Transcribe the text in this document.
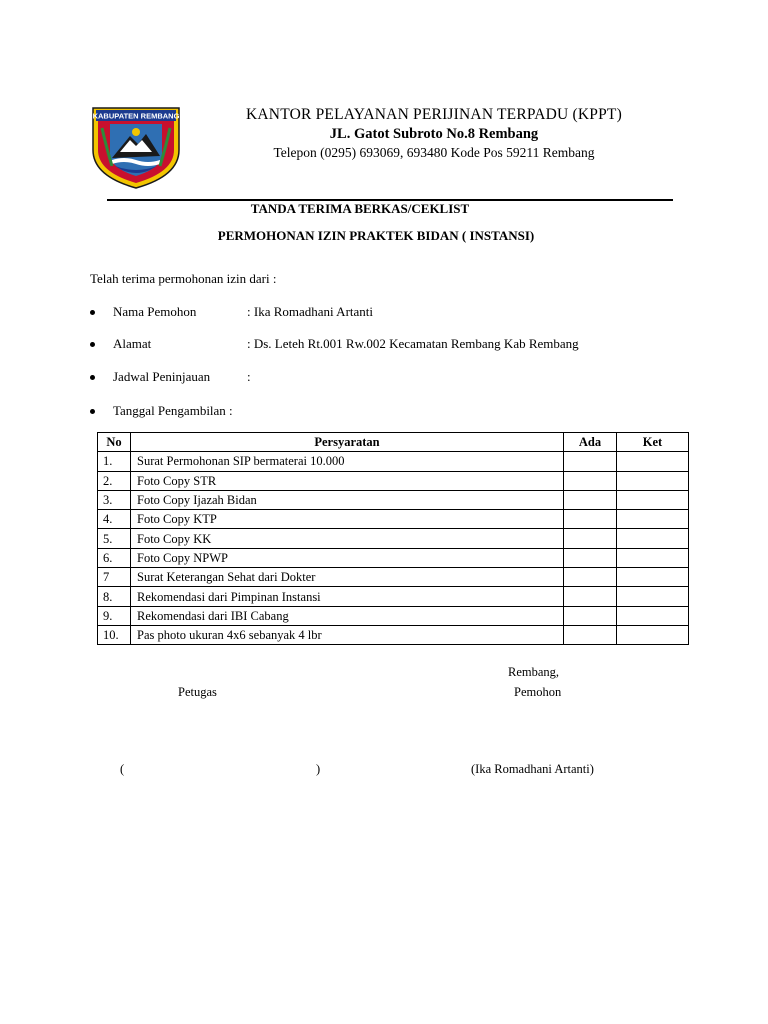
KABUPATEN REMBANG	KANTOR PELAYANAN PERIJINAN TERPADU (KPPT)
JL. Gatot Subroto No.8 Rembang
Telepon (0295) 693069, 693480 Kode Pos 59211 Rembang
TANDA TERIMA BERKAS/CEKLIST
PERMOHONAN IZIN PRAKTEK BIDAN ( INSTANSI)
Telah terima permohonan izin dari :
Nama Pemohon	: Ika Romadhani Artanti
Alamat	: Ds. Leteh Rt.001 Rw.002 Kecamatan Rembang Kab Rembang
Jadwal Peninjauan	:
Tanggal Pengambilan :
No	Persyaratan	Ada	Ket
1.	Surat Permohonan SIP bermaterai 10.000		
2.	Foto Copy STR		
3.	Foto Copy Ijazah Bidan		
4.	Foto Copy KTP		
5.	Foto Copy KK		
6.	Foto Copy NPWP		
7	Surat Keterangan Sehat dari Dokter		
8.	Rekomendasi dari Pimpinan Instansi		
9.	Rekomendasi dari IBI Cabang		
10.	Pas photo ukuran 4x6 sebanyak 4 lbr		
Rembang,
Petugas	Pemohon
(	)	(Ika Romadhani Artanti)
